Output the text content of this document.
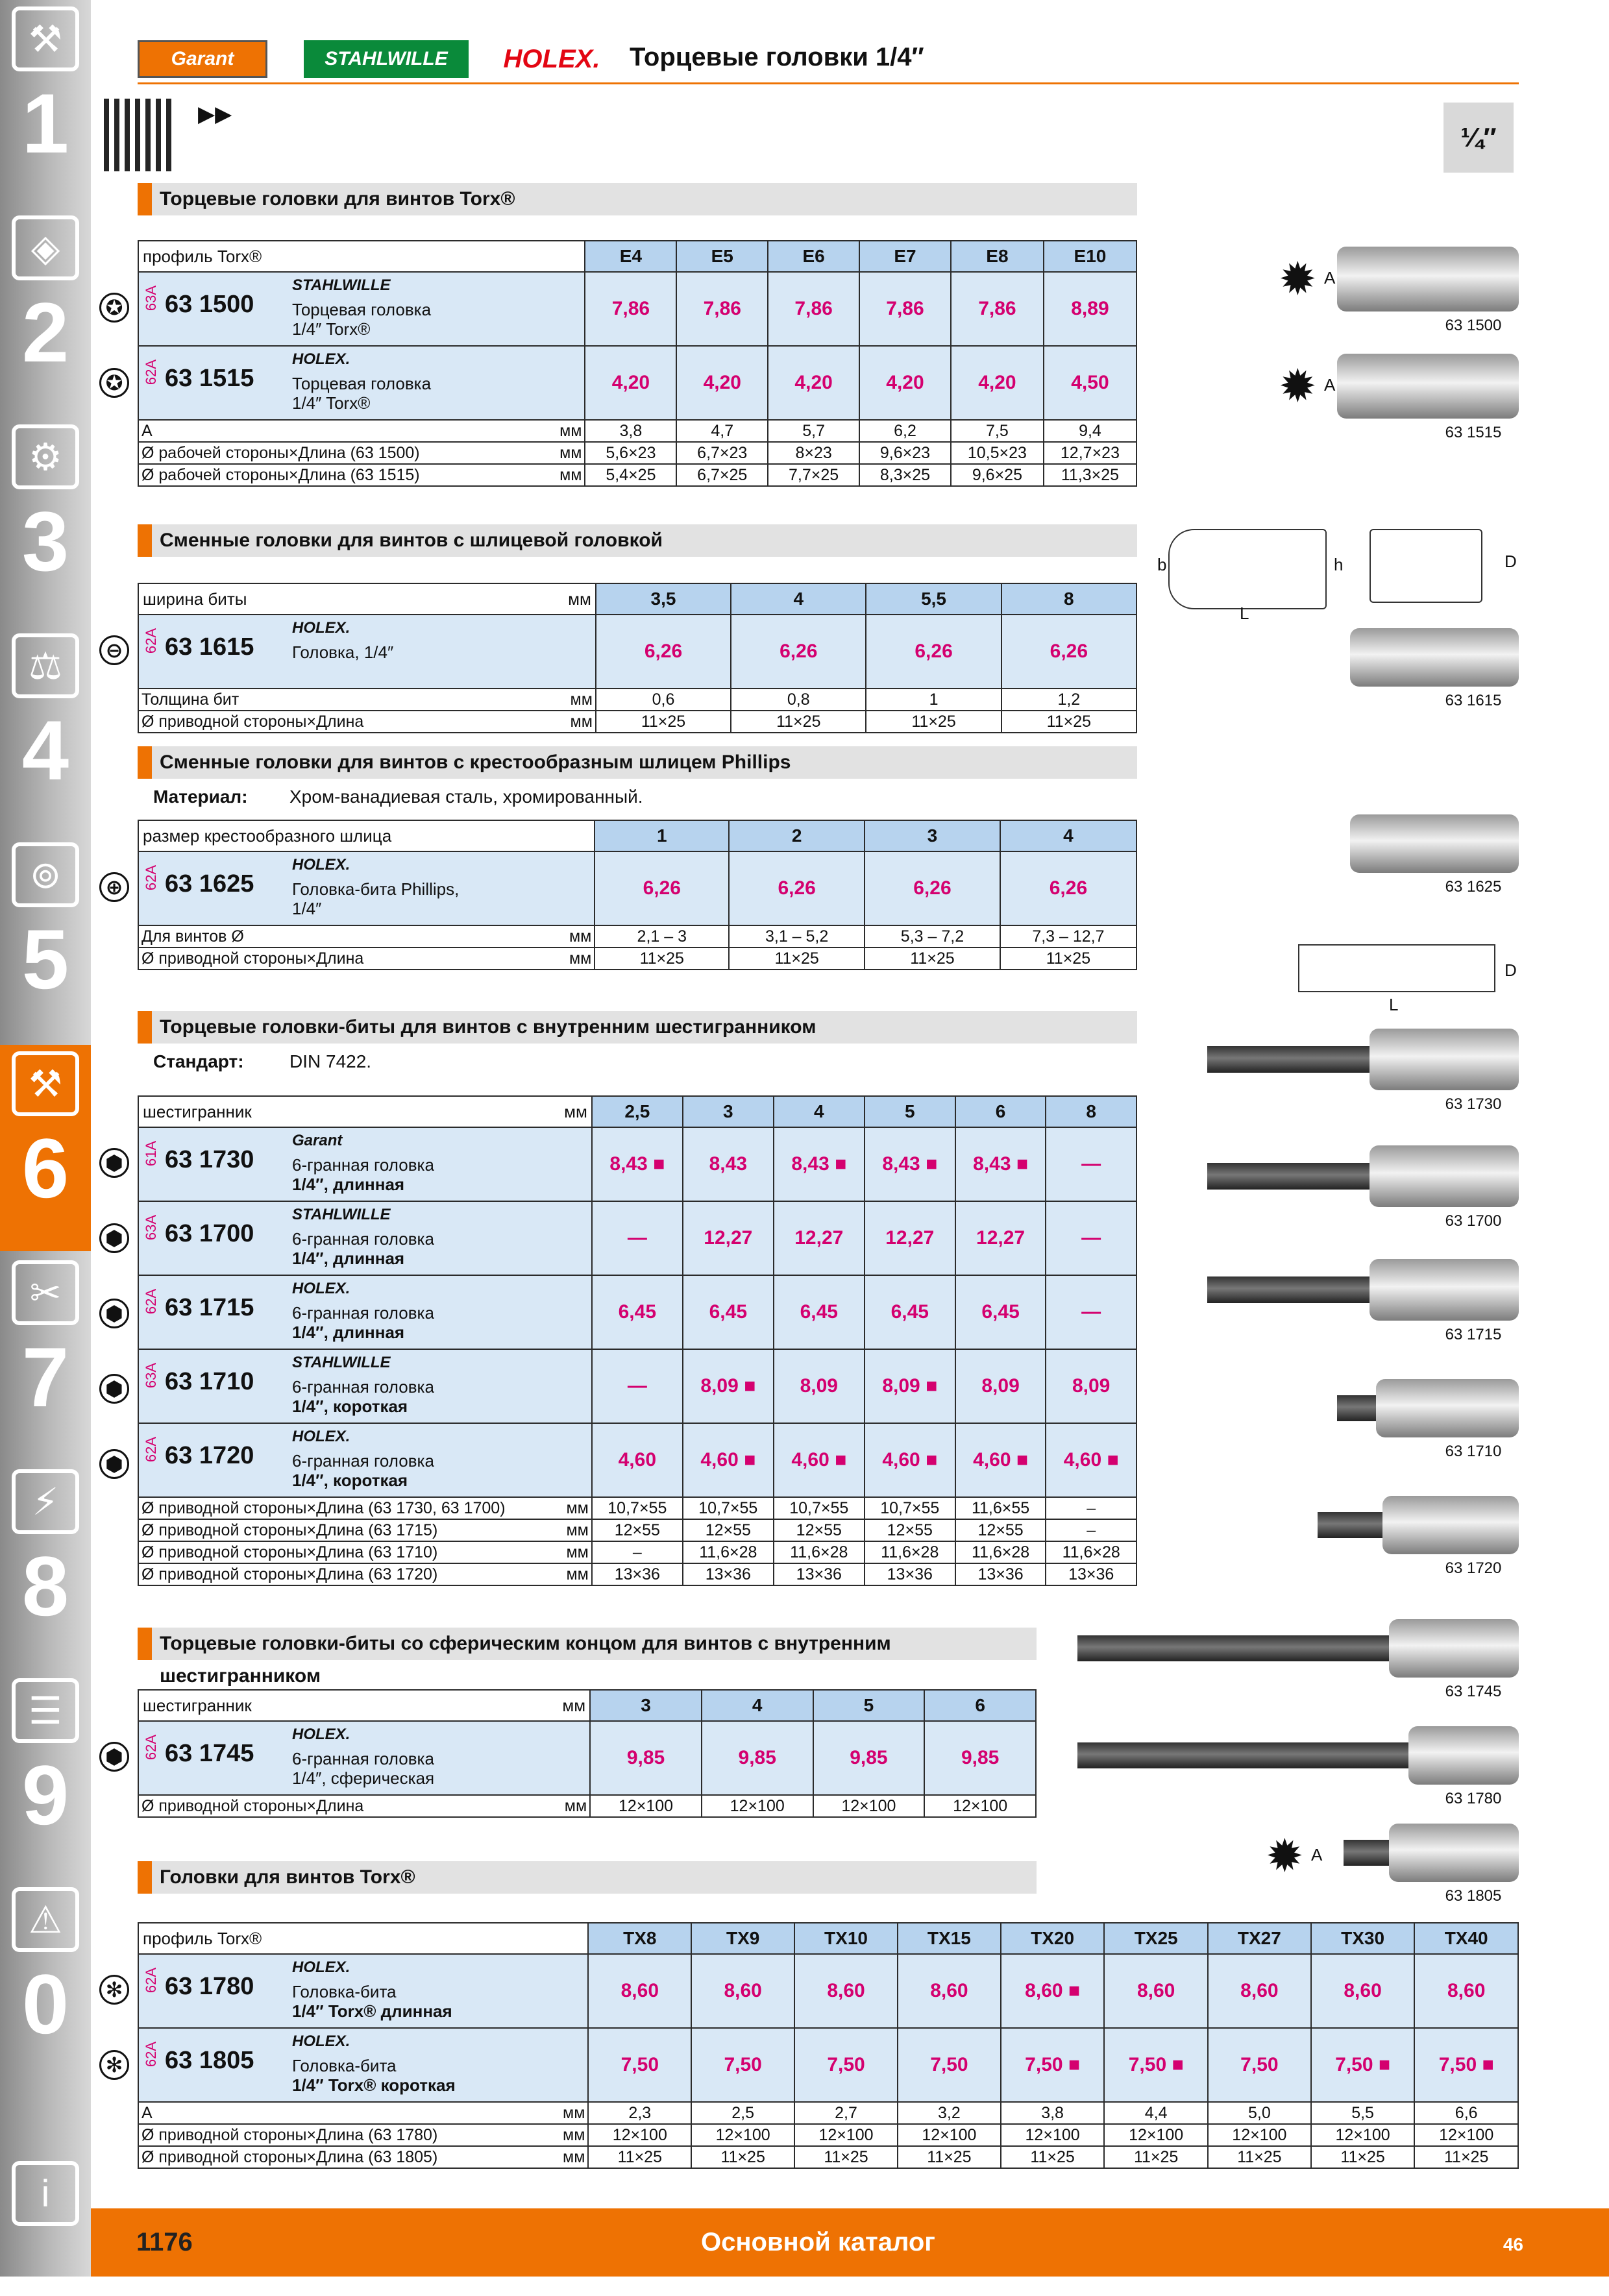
⚒
1
◈
2
⚙
3
⚖
4
⊚
5
⚒
6
✂
7
⚡
8
☰
9
⚠
0
i
Garant	STAHLWILLE	HOLEX.	Торцевые головки 1/4″
▶▶
¼″
Торцевые головки для винтов Torx®
профиль Torx®	E4	E5	E6	E7	E8	E10

63A 63 1500
STAHLWILLE
Торцевая головка
1/4″ Torx®	7,86	7,86	7,86	7,86	7,86	8,89

62A 63 1515
HOLEX.
Торцевая головка
1/4″ Torx®	4,20	4,20	4,20	4,20	4,20	4,50
A мм	3,8	4,7	5,7	6,2	7,5	9,4
Ø рабочей стороны×Длина (63 1500) мм	5,6×23	6,7×23	8×23	9,6×23	10,5×23	12,7×23
Ø рабочей стороны×Длина (63 1515) мм	5,4×25	6,7×25	7,7×25	8,3×25	9,6×25	11,3×25
✪
✪
Сменные головки для винтов с шлицевой головкой
ширина биты мм	3,5	4	5,5	8

62A 63 1615
HOLEX.
Головка, 1/4″	6,26	6,26	6,26	6,26
Толщина бит мм	0,6	0,8	1	1,2
Ø приводной стороны×Длина мм	11×25	11×25	11×25	11×25
⊖
Сменные головки для винтов с крестообразным шлицем Phillips
Материал: Хром-ванадиевая сталь, хромированный.
размер крестообразного шлица	1	2	3	4

62A 63 1625
HOLEX.
Головка-бита Phillips,
1/4″	6,26	6,26	6,26	6,26
Для винтов Ø мм	2,1 – 3	3,1 – 5,2	5,3 – 7,2	7,3 – 12,7
Ø приводной стороны×Длина мм	11×25	11×25	11×25	11×25
⊕
Торцевые головки-биты для винтов с внутренним шестигранником
Стандарт:	DIN 7422.
шестигранник мм	2,5	3	4	5	6	8

61A 63 1730
Garant
6-гранная головка
1/4″, длинная	8,43 ■	8,43	8,43 ■	8,43 ■	8,43 ■	—

63A 63 1700
STAHLWILLE
6-гранная головка
1/4″, длинная	—	12,27	12,27	12,27	12,27	—

62A 63 1715
HOLEX.
6-гранная головка
1/4″, длинная	6,45	6,45	6,45	6,45	6,45	—

63A 63 1710
STAHLWILLE
6-гранная головка
1/4″, короткая	—	8,09 ■	8,09	8,09 ■	8,09	8,09

62A 63 1720
HOLEX.
6-гранная головка
1/4″, короткая	4,60	4,60 ■	4,60 ■	4,60 ■	4,60 ■	4,60 ■
Ø приводной стороны×Длина (63 1730, 63 1700) мм	10,7×55	10,7×55	10,7×55	10,7×55	11,6×55	–
Ø приводной стороны×Длина (63 1715) мм	12×55	12×55	12×55	12×55	12×55	–
Ø приводной стороны×Длина (63 1710) мм	–	11,6×28	11,6×28	11,6×28	11,6×28	11,6×28
Ø приводной стороны×Длина (63 1720) мм	13×36	13×36	13×36	13×36	13×36	13×36
⬢
⬢
⬢
⬢
⬢
Торцевые головки-биты со сферическим концом для винтов с внутренним шестигранником
шестигранник мм	3	4	5	6

62A 63 1745
HOLEX.
6-гранная головка
1/4″, сферическая	9,85	9,85	9,85	9,85
Ø приводной стороны×Длина мм	12×100	12×100	12×100	12×100
⬢
Головки для винтов Torx®
профиль Torx®	TX8	TX9	TX10	TX15	TX20	TX25	TX27	TX30	TX40

62A 63 1780
HOLEX.
Головка-бита
1/4″ Torx® длинная	8,60	8,60	8,60	8,60	8,60 ■	8,60	8,60	8,60	8,60

62A 63 1805
HOLEX.
Головка-бита
1/4″ Torx® короткая	7,50	7,50	7,50	7,50	7,50 ■	7,50 ■	7,50	7,50 ■	7,50 ■
A мм	2,3	2,5	2,7	3,2	3,8	4,4	5,0	5,5	6,6
Ø приводной стороны×Длина (63 1780) мм	12×100	12×100	12×100	12×100	12×100	12×100	12×100	12×100	12×100
Ø приводной стороны×Длина (63 1805) мм	11×25	11×25	11×25	11×25	11×25	11×25	11×25	11×25	11×25
✻
✻
63 1500
63 1515
63 1615
63 1625
63 1730
63 1700
63 1715
63 1710
63 1720
63 1745
63 1780
63 1805
✹ A
✹ A
✹ A
b
L
h	D
D
L
1176	Основной каталог	46
